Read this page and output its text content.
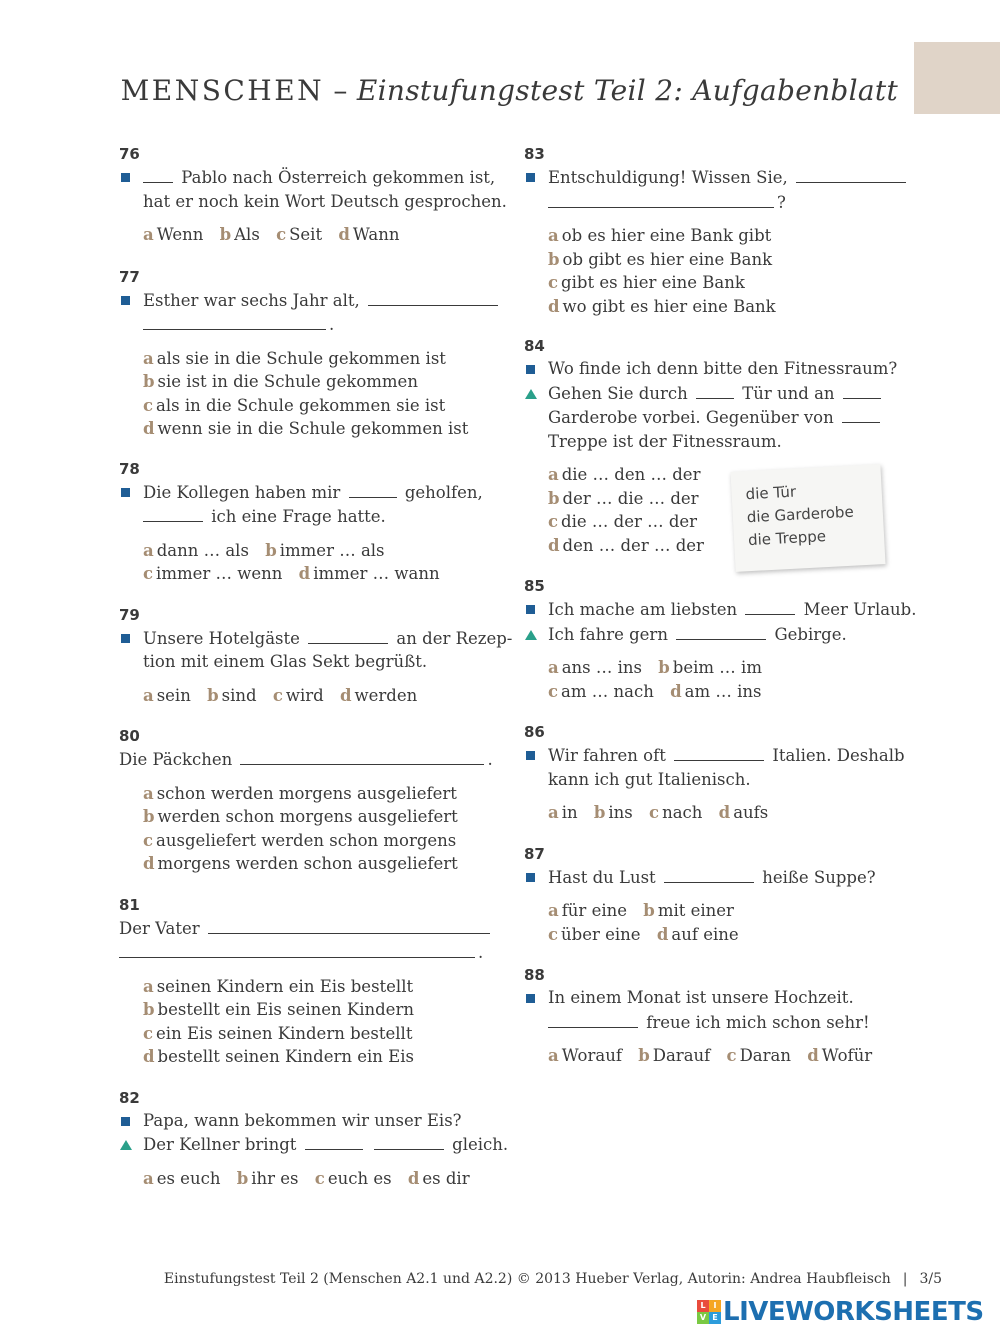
MENSCHEN – Einstufungstest Teil 2: Aufgabenblatt
76
Pablo nach Österreich gekommen ist,
hat er noch kein Wort Deutsch gesprochen.
a Wenn b Als c Seit d Wann
77
Esther war sechs Jahr alt,
.
a als sie in die Schule gekommen ist
b sie ist in die Schule gekommen
c als in die Schule gekommen sie ist
d wenn sie in die Schule gekommen ist
78
Die Kollegen haben mir	geholfen,
ich eine Frage hatte.
a dann … als b immer … als
c immer … wenn d immer … wann
79
Unsere Hotelgäste	an der Rezep-
tion mit einem Glas Sekt begrüßt.
a sein b sind c wird d werden
80
Die Päckchen	.
a schon werden morgens ausgeliefert
b werden schon morgens ausgeliefert
c ausgeliefert werden schon morgens
d morgens werden schon ausgeliefert
81
Der Vater
.
a seinen Kindern ein Eis bestellt
b bestellt ein Eis seinen Kindern
c ein Eis seinen Kindern bestellt
d bestellt seinen Kindern ein Eis
82
Papa, wann bekommen wir unser Eis?
Der Kellner bringt	gleich.
a es euch b ihr es c euch es d es dir
83
Entschuldigung! Wissen Sie,
?
a ob es hier eine Bank gibt
b ob gibt es hier eine Bank
c gibt es hier eine Bank
d wo gibt es hier eine Bank
84
Wo finde ich denn bitte den Fitnessraum?
Gehen Sie durch	Tür und an
Garderobe vorbei. Gegenüber von
Treppe ist der Fitnessraum.
a die … den … der
b der … die … der
c die … der … der
d den … der … der
85
Ich mache am liebsten	Meer Urlaub.
Ich fahre gern	Gebirge.
a ans … ins b beim … im
c am … nach d am … ins
86
Wir fahren oft	Italien. Deshalb
kann ich gut Italienisch.
a in b ins c nach d aufs
87
Hast du Lust	heiße Suppe?
a für eine b mit einer
c über eine d auf eine
88
In einem Monat ist unsere Hochzeit.
freue ich mich schon sehr!
a Worauf b Darauf c Daran d Wofür
die Tür
die Garderobe
die Treppe
Einstufungstest Teil 2 (Menschen A2.1 und A2.2) © 2013 Hueber Verlag, Autorin: Andrea Haubfleisch | 3/5
L I
V E LIVEWORKSHEETS
